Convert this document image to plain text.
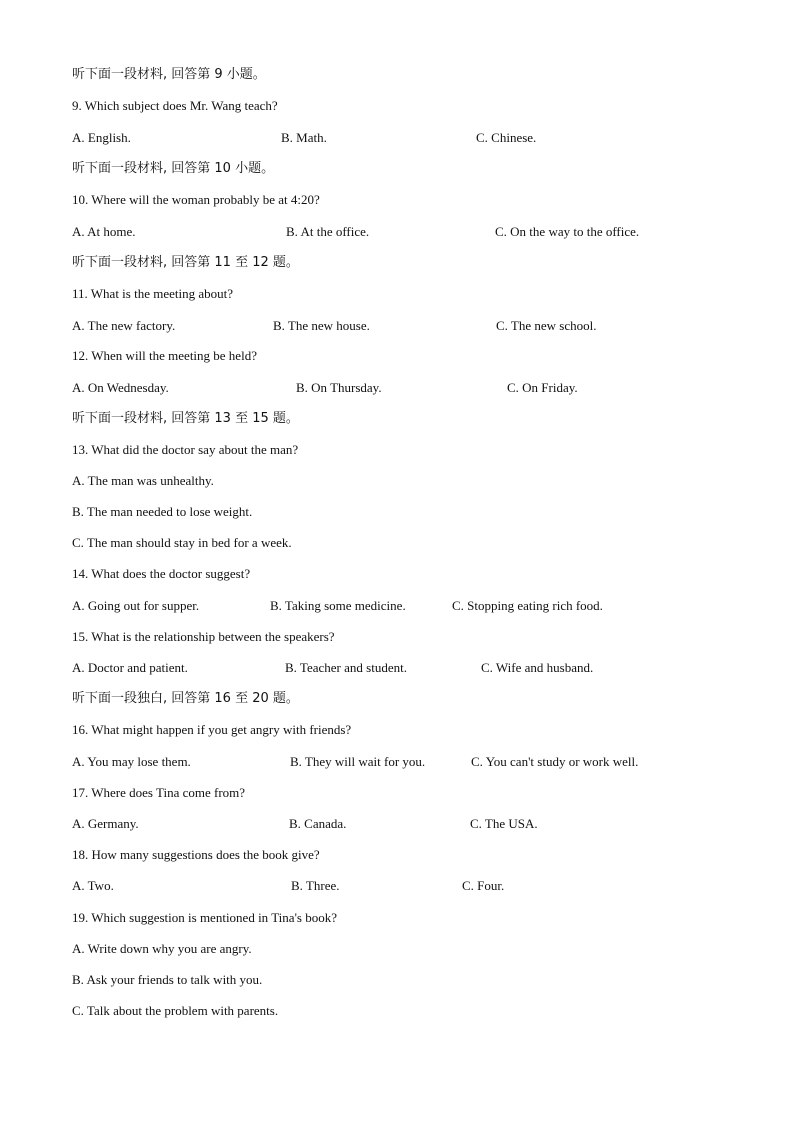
听下面一段材料, 回答第 9 小题。
9. Which subject does Mr. Wang teach?
A. English.	B. Math.	C. Chinese.
听下面一段材料, 回答第 10 小题。
10. Where will the woman probably be at 4:20?
A. At home.	B. At the office.	C. On the way to the office.
听下面一段材料, 回答第 11 至 12 题。
11. What is the meeting about?
A. The new factory.	B. The new house.	C. The new school.
12. When will the meeting be held?
A. On Wednesday.	B. On Thursday.	C. On Friday.
听下面一段材料, 回答第 13 至 15 题。
13. What did the doctor say about the man?
A. The man was unhealthy.
B. The man needed to lose weight.
C. The man should stay in bed for a week.
14. What does the doctor suggest?
A. Going out for supper.	B. Taking some medicine.	C. Stopping eating rich food.
15. What is the relationship between the speakers?
A. Doctor and patient.	B. Teacher and student.	C. Wife and husband.
听下面一段独白, 回答第 16 至 20 题。
16. What might happen if you get angry with friends?
A. You may lose them.	B. They will wait for you.	C. You can't study or work well.
17. Where does Tina come from?
A. Germany.	B. Canada.	C. The USA.
18. How many suggestions does the book give?
A. Two.	B. Three.	C. Four.
19. Which suggestion is mentioned in Tina's book?
A. Write down why you are angry.
B. Ask your friends to talk with you.
C. Talk about the problem with parents.
